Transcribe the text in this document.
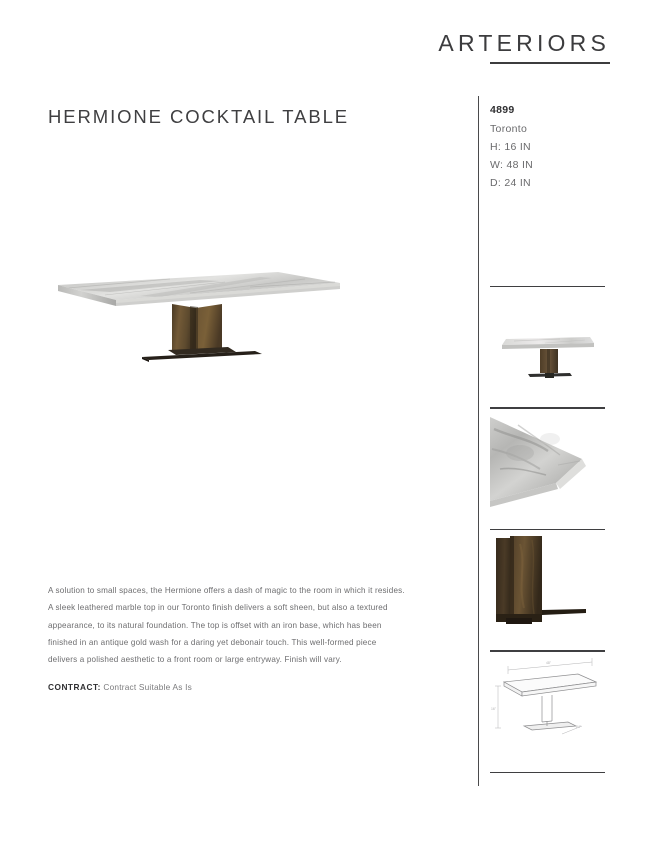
ARTERIORS
HERMIONE COCKTAIL TABLE	4899
Toronto
H: 16 IN
W: 48 IN
D: 24 IN
A solution to small spaces, the Hermione offers a dash of magic to the room in which it resides. A sleek leathered marble top in our Toronto finish delivers a soft sheen, but also a textured appearance, to its natural foundation. The top is offset with an iron base, which has been finished in an antique gold wash for a daring yet debonair touch. This well-formed piece delivers a polished aesthetic to a front room or large entryway. Finish will vary.
CONTRACT: Contract Suitable As Is
48"
16"
24"
